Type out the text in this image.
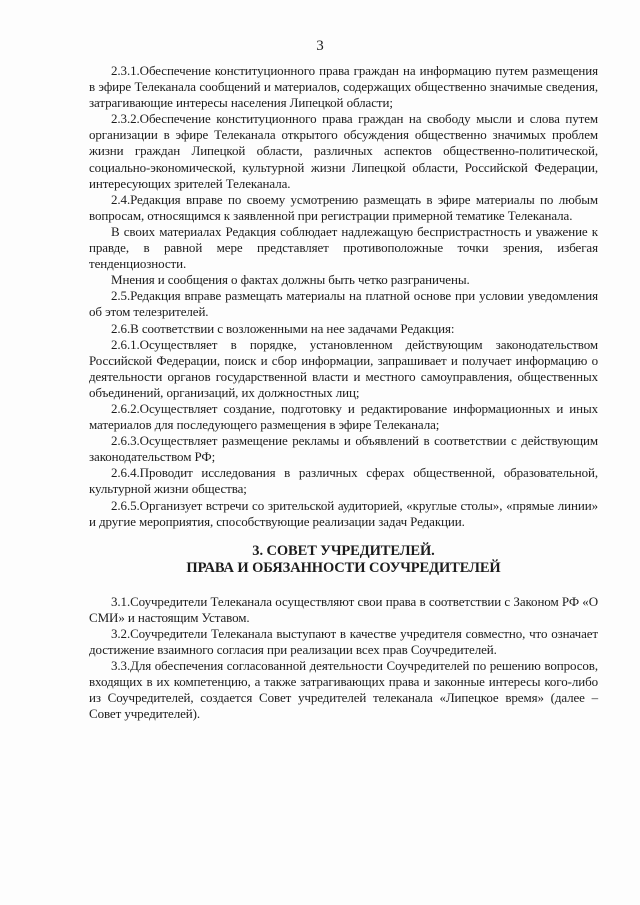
3

2.3.1.Обеспечение конституционного права граждан на информацию путем размещения в эфире Телеканала сообщений и материалов, содержащих общественно значимые сведения, затрагивающие интересы населения Липецкой области;

2.3.2.Обеспечение конституционного права граждан на свободу мысли и слова путем организации в эфире Телеканала открытого обсуждения общественно значимых проблем жизни граждан Липецкой области, различных аспектов общественно-политической, социально-экономической, культурной жизни Липецкой области, Российской Федерации, интересующих зрителей Телеканала.

2.4.Редакция вправе по своему усмотрению размещать в эфире материалы по любым вопросам, относящимся к заявленной при регистрации примерной тематике Телеканала.

В своих материалах Редакция соблюдает надлежащую беспристрастность и уважение к правде, в равной мере представляет противоположные точки зрения, избегая тенденциозности.

Мнения и сообщения о фактах должны быть четко разграничены.

2.5.Редакция вправе размещать материалы на платной основе при условии уведомления об этом телезрителей.

2.6.В соответствии с возложенными на нее задачами Редакция:

2.6.1.Осуществляет в порядке, установленном действующим законодательством Российской Федерации, поиск и сбор информации, запрашивает и получает информацию о деятельности органов государственной власти и местного самоуправления, общественных объединений, организаций, их должностных лиц;

2.6.2.Осуществляет создание, подготовку и редактирование информационных и иных материалов для последующего размещения в эфире Телеканала;

2.6.3.Осуществляет размещение рекламы и объявлений в соответствии с действующим законодательством РФ;

2.6.4.Проводит исследования в различных сферах общественной, образовательной, культурной жизни общества;

2.6.5.Организует встречи со зрительской аудиторией, «круглые столы», «прямые линии» и другие мероприятия, способствующие реализации задач Редакции.

3. СОВЕТ УЧРЕДИТЕЛЕЙ.
ПРАВА И ОБЯЗАННОСТИ СОУЧРЕДИТЕЛЕЙ

3.1.Соучредители Телеканала осуществляют свои права в соответствии с Законом РФ «О СМИ» и настоящим Уставом.

3.2.Соучредители Телеканала выступают в качестве учредителя совместно, что означает достижение взаимного согласия при реализации всех прав Соучредителей.

3.3.Для обеспечения согласованной деятельности Соучредителей по решению вопросов, входящих в их компетенцию, а также затрагивающих права и законные интересы кого-либо из Соучредителей, создается Совет учредителей телеканала «Липецкое время» (далее – Совет учредителей).
